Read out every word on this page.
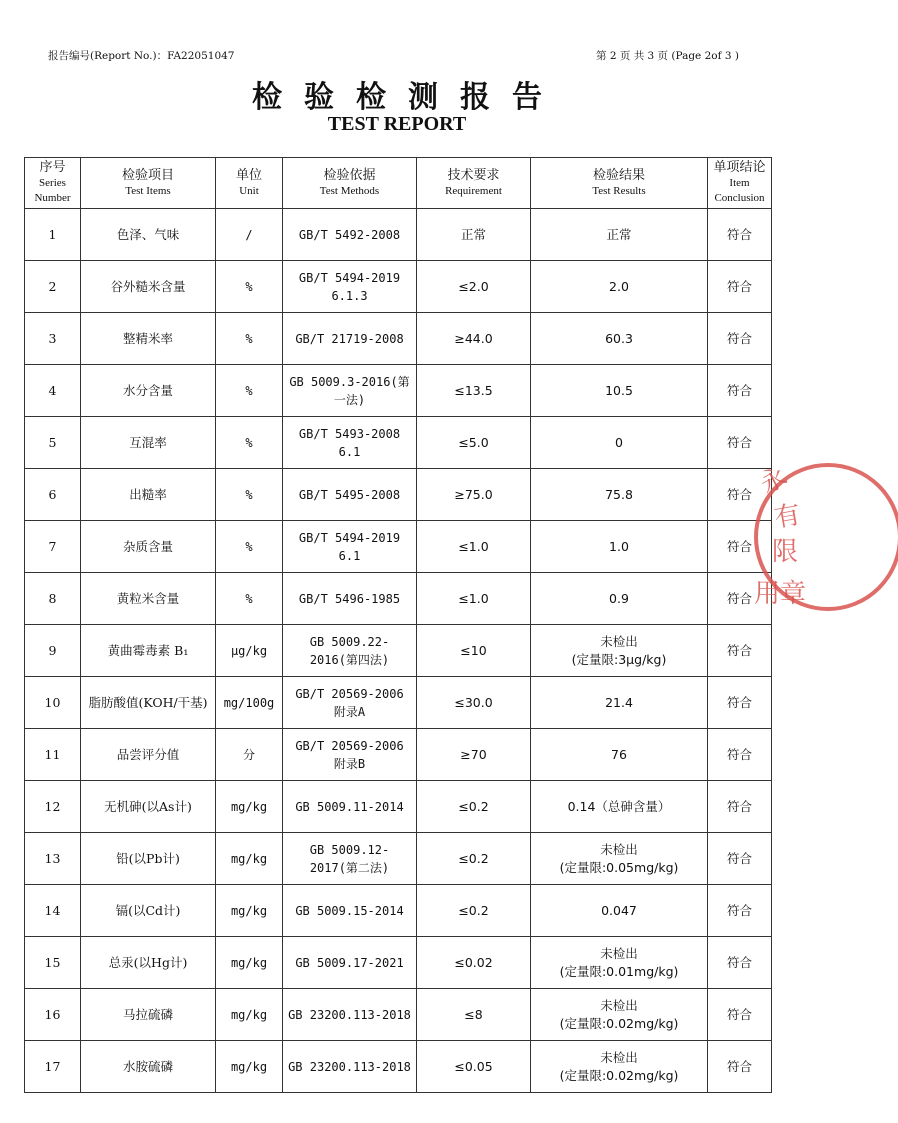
报告编号(Report No.)：FA22051047	第 2 页 共 3 页 (Page 2of 3 )
检验检测报告
TEST REPORT
序号
Series
Number	检验项目
Test Items	单位
Unit	检验依据
Test Methods	技术要求
Requirement	检验结果
Test Results	单项结论
Item
Conclusion

1	色泽、气味	/	GB/T 5492-2008	正常	正常	符合
2	谷外糙米含量	%	GB/T 5494-2019 6.1.3	≤2.0	2.0	符合
3	整精米率	%	GB/T 21719-2008	≥44.0	60.3	符合
4	水分含量	%	GB 5009.3-2016(第一法)	≤13.5	10.5	符合
5	互混率	%	GB/T 5493-2008 6.1	≤5.0	0	符合
6	出糙率	%	GB/T 5495-2008	≥75.0	75.8	符合
7	杂质含量	%	GB/T 5494-2019 6.1	≤1.0	1.0	符合
8	黄粒米含量	%	GB/T 5496-1985	≤1.0	0.9	符合
9	黄曲霉毒素 B₁	μg/kg	GB 5009.22-2016(第四法)	≤10	未检出
(定量限:3μg/kg)	符合
10	脂肪酸值(KOH/干基)	mg/100g	GB/T 20569-2006 附录A	≤30.0	21.4	符合
11	品尝评分值	分	GB/T 20569-2006 附录B	≥70	76	符合
12	无机砷(以As计)	mg/kg	GB 5009.11-2014	≤0.2	0.14（总砷含量）	符合
13	铅(以Pb计)	mg/kg	GB 5009.12-2017(第二法)	≤0.2	未检出
(定量限:0.05mg/kg)	符合
14	镉(以Cd计)	mg/kg	GB 5009.15-2014	≤0.2	0.047	符合
15	总汞(以Hg计)	mg/kg	GB 5009.17-2021	≤0.02	未检出
(定量限:0.01mg/kg)	符合
16	马拉硫磷	mg/kg	GB 23200.113-2018	≤8	未检出
(定量限:0.02mg/kg)	符合
17	水胺硫磷	mg/kg	GB 23200.113-2018	≤0.05	未检出
(定量限:0.02mg/kg)	符合
永
有
限
用章
